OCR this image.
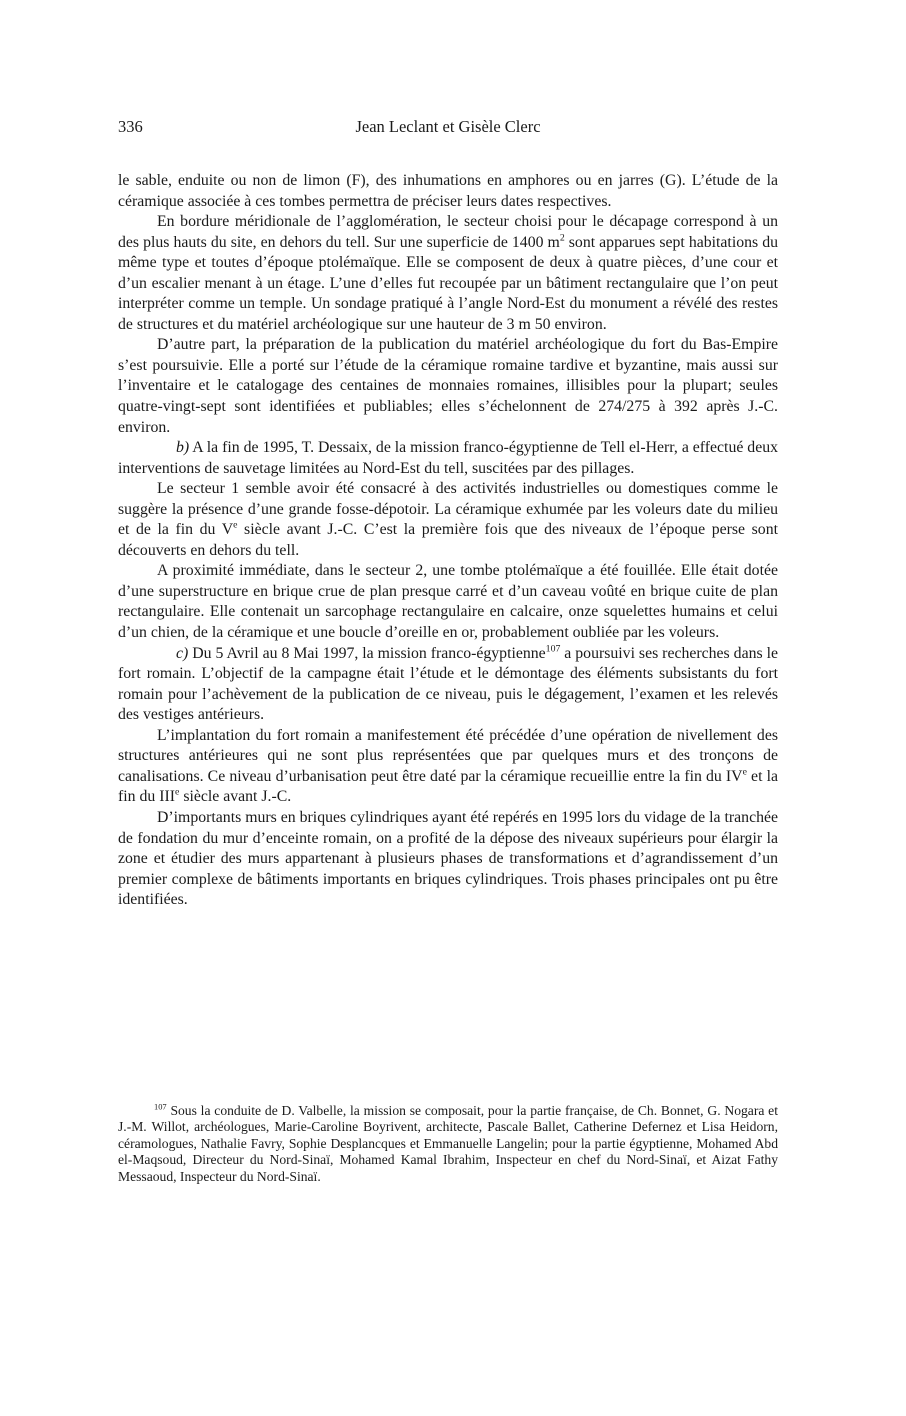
336	Jean Leclant et Gisèle Clerc

le sable, enduite ou non de limon (F), des inhumations en amphores ou en jarres (G). L’étude de la céramique associée à ces tombes permettra de préciser leurs dates respectives.

En bordure méridionale de l’agglomération, le secteur choisi pour le décapage correspond à un des plus hauts du site, en dehors du tell. Sur une superficie de 1400 $m^2$ sont apparues sept habitations du même type et toutes d’époque ptolémaïque. Elle se composent de deux à quatre pièces, d’une cour et d’un escalier menant à un étage. L’une d’elles fut recoupée par un bâtiment rectangulaire que l’on peut interpréter comme un temple. Un sondage pratiqué à l’angle Nord-Est du monument a révélé des restes de structures et du matériel archéologique sur une hauteur de 3 m 50 environ.

D’autre part, la préparation de la publication du matériel archéologique du fort du Bas-Empire s’est poursuivie. Elle a porté sur l’étude de la céramique romaine tardive et byzantine, mais aussi sur l’inventaire et le catalogage des centaines de monnaies romaines, illisibles pour la plupart; seules quatre-vingt-sept sont identifiées et publiables; elles s’échelonnent de 274/275 à 392 après J.-C. environ.

b) A la fin de 1995, T. Dessaix, de la mission franco-égyptienne de Tell el-Herr, a effectué deux interventions de sauvetage limitées au Nord-Est du tell, suscitées par des pillages.

Le secteur 1 semble avoir été consacré à des activités industrielles ou domestiques comme le suggère la présence d’une grande fosse-dépotoir. La céramique exhumée par les voleurs date du milieu et de la fin du Ve siècle avant J.-C. C’est la première fois que des niveaux de l’époque perse sont découverts en dehors du tell.

A proximité immédiate, dans le secteur 2, une tombe ptolémaïque a été fouillée. Elle était dotée d’une superstructure en brique crue de plan presque carré et d’un caveau voûté en brique cuite de plan rectangulaire. Elle contenait un sarcophage rectangulaire en calcaire, onze squelettes humains et celui d’un chien, de la céramique et une boucle d’oreille en or, probablement oubliée par les voleurs.

c) Du 5 Avril au 8 Mai 1997, la mission franco-égyptienne$^{107}$ a poursuivi ses recherches dans le fort romain. L’objectif de la campagne était l’étude et le démontage des éléments subsistants du fort romain pour l’achèvement de la publication de ce niveau, puis le dégagement, l’examen et les relevés des vestiges antérieurs.

L’implantation du fort romain a manifestement été précédée d’une opération de nivellement des structures antérieures qui ne sont plus représentées que par quelques murs et des tronçons de canalisations. Ce niveau d’urbanisation peut être daté par la céramique recueillie entre la fin du IVe et la fin du IIIe siècle avant J.-C.

D’importants murs en briques cylindriques ayant été repérés en 1995 lors du vidage de la tranchée de fondation du mur d’enceinte romain, on a profité de la dépose des niveaux supérieurs pour élargir la zone et étudier des murs appartenant à plusieurs phases de transformations et d’agrandissement d’un premier complexe de bâtiments importants en briques cylindriques. Trois phases principales ont pu être identifiées.

$^{107}$ Sous la conduite de D. Valbelle, la mission se composait, pour la partie française, de Ch. Bonnet, G. Nogara et J.-M. Willot, archéologues, Marie-Caroline Boyrivent, architecte, Pascale Ballet, Catherine Defernez et Lisa Heidorn, céramologues, Nathalie Favry, Sophie Desplancques et Emmanuelle Langelin; pour la partie égyptienne, Mohamed Abd el-Maqsoud, Directeur du Nord-Sinaï, Mohamed Kamal Ibrahim, Inspecteur en chef du Nord-Sinaï, et Aizat Fathy Messaoud, Inspecteur du Nord-Sinaï.
